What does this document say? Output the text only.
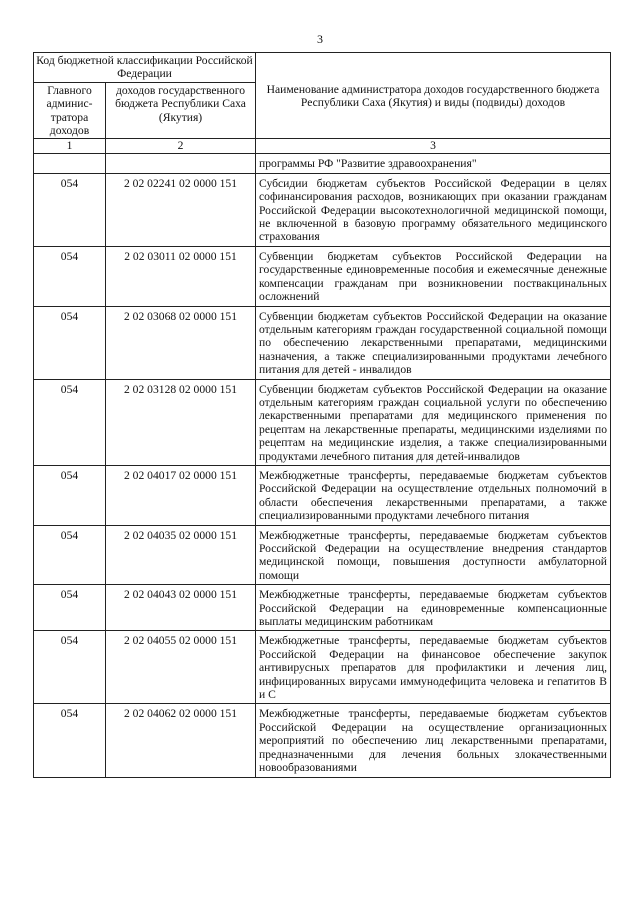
3
Код бюджетной классификации Российской Федерации		Наименование администратора доходов государственного бюджета Республики Саха (Якутия) и виды (подвиды) доходов
Главного админис-тратора доходов	доходов государственного бюджета Республики Саха (Якутия)	
1	2	3
		программы РФ "Развитие здравоохранения"
054	2 02 02241 02 0000 151	Субсидии бюджетам субъектов Российской Федерации в целях софинансирования расходов, возникающих при оказании гражданам Российской Федерации высокотехнологичной медицинской помощи, не включенной в базовую программу обязательного медицинского страхования
054	2 02 03011 02 0000 151	Субвенции бюджетам субъектов Российской Федерации на государственные единовременные пособия и ежемесячные денежные компенсации гражданам при возникновении поствакцинальных осложнений
054	2 02 03068 02 0000 151	Субвенции бюджетам субъектов Российской Федерации на оказание отдельным категориям граждан государственной социальной помощи по обеспечению лекарственными препаратами, медицинскими назначения, а также специализированными продуктами лечебного питания для детей - инвалидов
054	2 02 03128 02 0000 151	Субвенции бюджетам субъектов Российской Федерации на оказание отдельным категориям граждан социальной услуги по обеспечению лекарственными препаратами для медицинского применения по рецептам на лекарственные препараты, медицинскими изделиями по рецептам на медицинские изделия, а также специализированными продуктами лечебного питания для детей-инвалидов
054	2 02 04017 02 0000 151	Межбюджетные трансферты, передаваемые бюджетам субъектов Российской Федерации на осуществление отдельных полномочий в области обеспечения лекарственными препаратами, а также специализированными продуктами лечебного питания
054	2 02 04035 02 0000 151	Межбюджетные трансферты, передаваемые бюджетам субъектов Российской Федерации на осуществление внедрения стандартов медицинской помощи, повышения доступности амбулаторной помощи
054	2 02 04043 02 0000 151	Межбюджетные трансферты, передаваемые бюджетам субъектов Российской Федерации на единовременные компенсационные выплаты медицинским работникам
054	2 02 04055 02 0000 151	Межбюджетные трансферты, передаваемые бюджетам субъектов Российской Федерации на финансовое обеспечение закупок антивирусных препаратов для профилактики и лечения лиц, инфицированных вирусами иммунодефицита человека и гепатитов В и С
054	2 02 04062 02 0000 151	Межбюджетные трансферты, передаваемые бюджетам субъектов Российской Федерации на осуществление организационных мероприятий по обеспечению лиц лекарственными препаратами, предназначенными для лечения больных злокачественными новообразованиями
